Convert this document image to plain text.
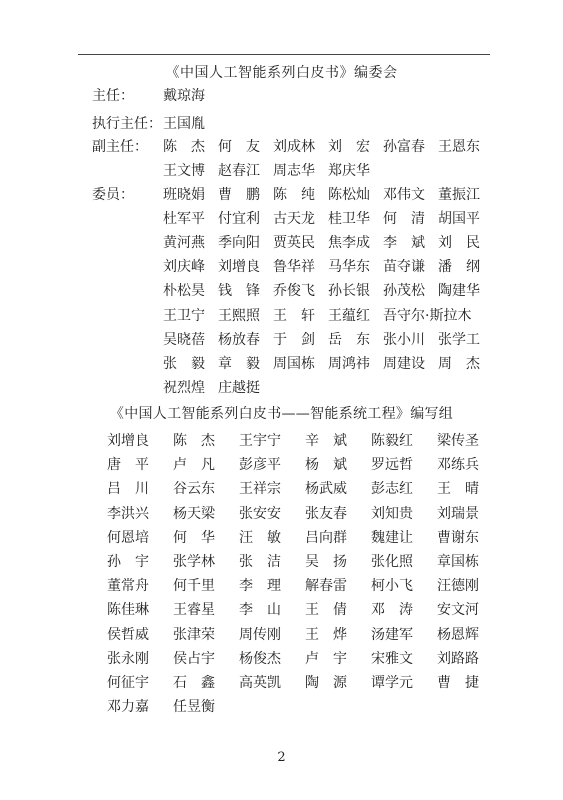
《中国人工智能系列白皮书》编委会
主任： 戴琼海
执行主任： 王国胤
副主任： 陈　杰 何　友 刘成林 刘　宏 孙富春 王恩东
王文博 赵春江 周志华 郑庆华
委员： 班晓娟 曹　鹏 陈　纯 陈松灿 邓伟文 董振江
杜军平 付宜利 古天龙 桂卫华 何　清 胡国平
黄河燕 季向阳 贾英民 焦李成 李　斌 刘　民
刘庆峰 刘增良 鲁华祥 马华东 苗夺谦 潘　纲
朴松昊 钱　锋 乔俊飞 孙长银 孙茂松 陶建华
王卫宁 王熙照 王　轩 王蕴红 吾守尔·斯拉木
吴晓蓓 杨放春 于　剑 岳　东 张小川 张学工
张　毅 章　毅 周国栋 周鸿祎 周建设 周　杰
祝烈煌 庄越挺
《中国人工智能系列白皮书——智能系统工程》编写组
刘增良 陈　杰 王宇宁 辛　斌 陈毅红 梁传圣
唐　平 卢　凡 彭彦平 杨　斌 罗远哲 邓练兵
吕　川 谷云东 王祥宗 杨武威 彭志红 王　晴
李洪兴 杨天梁 张安安 张友春 刘知贵 刘瑞景
何恩培 何　华 汪　敏 吕向群 魏建让 曹谢东
孙　宇 张学林 张　洁 吴　扬 张化照 章国栋
董常舟 何千里 李　理 解春雷 柯小飞 汪德刚
陈佳琳 王睿星 李　山 王　倩 邓　涛 安文河
侯哲威 张津荣 周传刚 王　烨 汤建军 杨恩辉
张永刚 侯占宇 杨俊杰 卢　宇 宋雅文 刘路路
何征宇 石　鑫 高英凯 陶　源 谭学元 曹　捷
邓力嘉 任昱衡
2
